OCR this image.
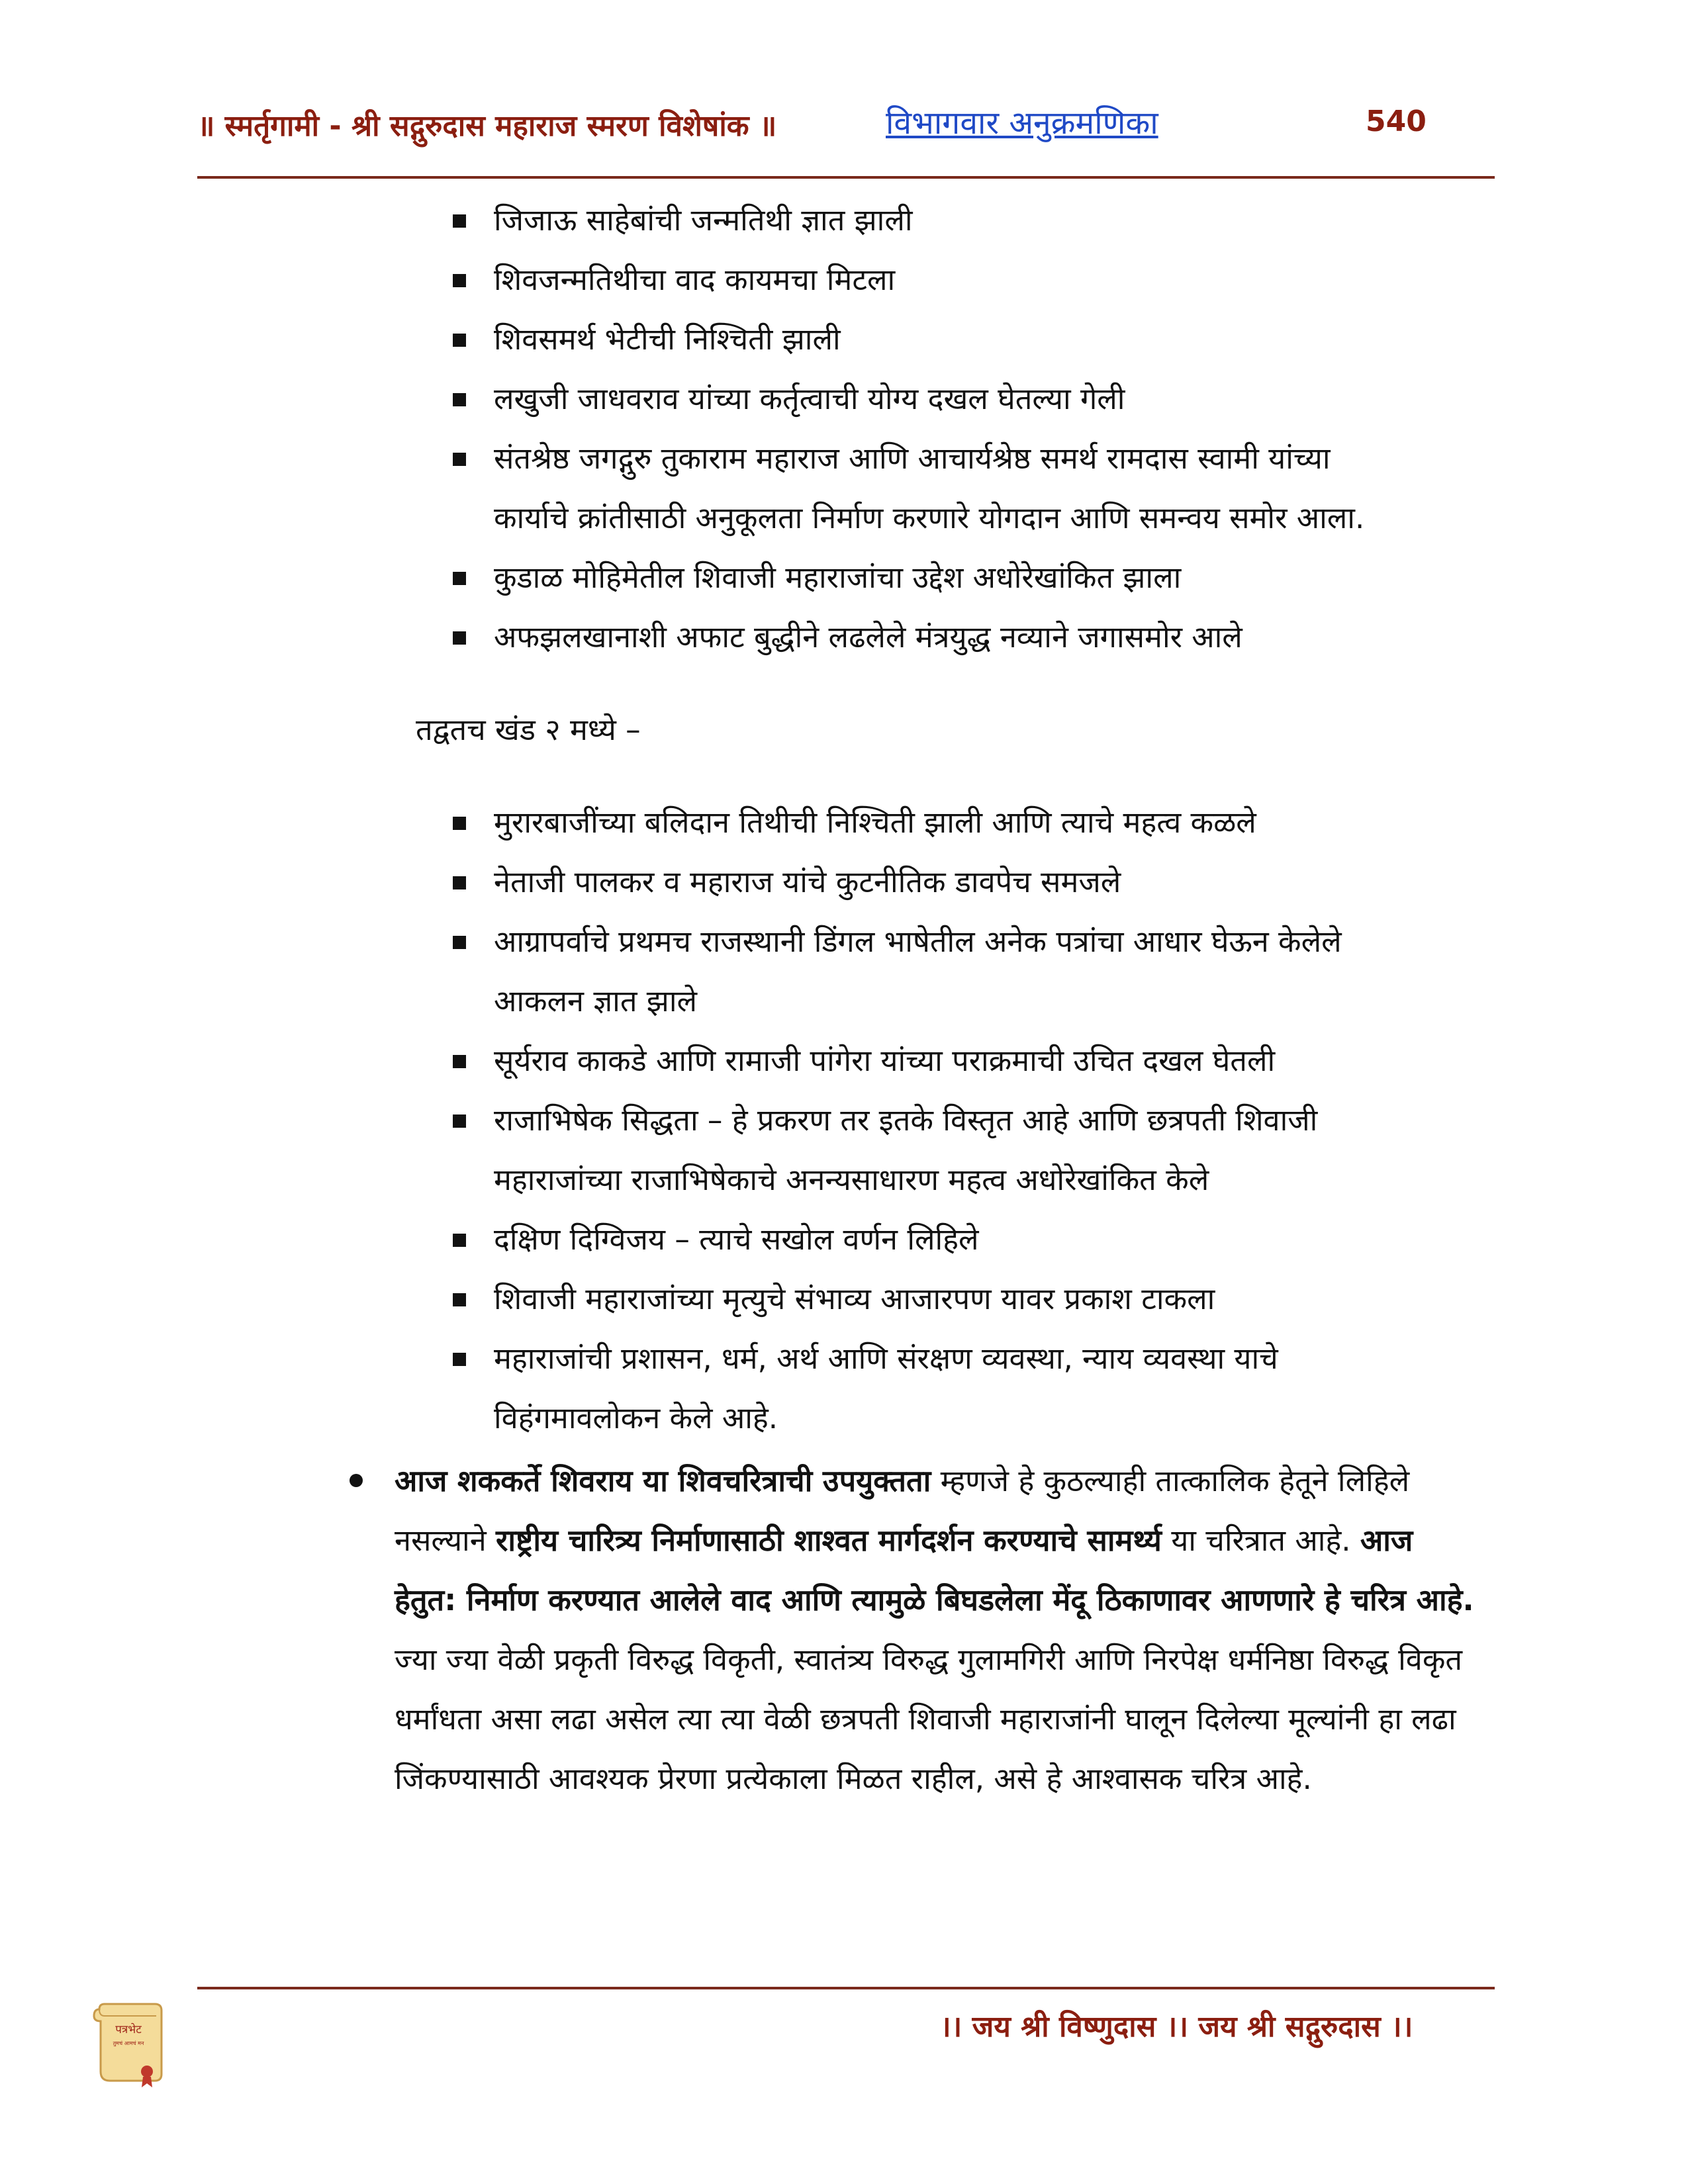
॥ स्मर्तृगामी - श्री सद्गुरुदास महाराज स्मरण विशेषांक ॥	विभागवार अनुक्रमणिका	540
जिजाऊ साहेबांची जन्मतिथी ज्ञात झाली
शिवजन्मतिथीचा वाद कायमचा मिटला
शिवसमर्थ भेटीची निश्चिती झाली
लखुजी जाधवराव यांच्या कर्तृत्वाची योग्य दखल घेतल्या गेली
संतश्रेष्ठ जगद्गुरु तुकाराम महाराज आणि आचार्यश्रेष्ठ समर्थ रामदास स्वामी यांच्या
कार्याचे क्रांतीसाठी अनुकूलता निर्माण करणारे योगदान आणि समन्वय समोर आला.
कुडाळ मोहिमेतील शिवाजी महाराजांचा उद्देश अधोरेखांकित झाला
अफझलखानाशी अफाट बुद्धीने लढलेले मंत्रयुद्ध नव्याने जगासमोर आले
तद्वतच खंड २ मध्ये –
मुरारबाजींच्या बलिदान तिथीची निश्चिती झाली आणि त्याचे महत्व कळले
नेताजी पालकर व महाराज यांचे कुटनीतिक डावपेच समजले
आग्रापर्वाचे प्रथमच राजस्थानी डिंगल भाषेतील अनेक पत्रांचा आधार घेऊन केलेले
आकलन ज्ञात झाले
सूर्यराव काकडे आणि रामाजी पांगेरा यांच्या पराक्रमाची उचित दखल घेतली
राजाभिषेक सिद्धता – हे प्रकरण तर इतके विस्तृत आहे आणि छत्रपती शिवाजी
महाराजांच्या राजाभिषेकाचे अनन्यसाधारण महत्व अधोरेखांकित केले
दक्षिण दिग्विजय – त्याचे सखोल वर्णन लिहिले
शिवाजी महाराजांच्या मृत्युचे संभाव्य आजारपण यावर प्रकाश टाकला
महाराजांची प्रशासन, धर्म, अर्थ आणि संरक्षण व्यवस्था, न्याय व्यवस्था याचे
विहंगमावलोकन केले आहे.
आज शककर्ते शिवराय या शिवचरित्राची उपयुक्तता म्हणजे हे कुठल्याही तात्कालिक हेतूने लिहिले नसल्याने राष्ट्रीय चारित्र्य निर्माणासाठी शाश्वत मार्गदर्शन करण्याचे सामर्थ्य या चरित्रात आहे. आज हेतुत: निर्माण करण्यात आलेले वाद आणि त्यामुळे बिघडलेला मेंदू ठिकाणावर आणणारे हे चरित्र आहे. ज्या ज्या वेळी प्रकृती विरुद्ध विकृती, स्वातंत्र्य विरुद्ध गुलामगिरी आणि निरपेक्ष धर्मनिष्ठा विरुद्ध विकृत धर्मांधता असा लढा असेल त्या त्या वेळी छत्रपती शिवाजी महाराजांनी घालून दिलेल्या मूल्यांनी हा लढा जिंकण्यासाठी आवश्यक प्रेरणा प्रत्येकाला मिळत राहील, असे हे आश्वासक चरित्र आहे.
पत्रभेट
तुमचं आमचं मन	।। जय श्री विष्णुदास ।। जय श्री सद्गुरुदास ।।
